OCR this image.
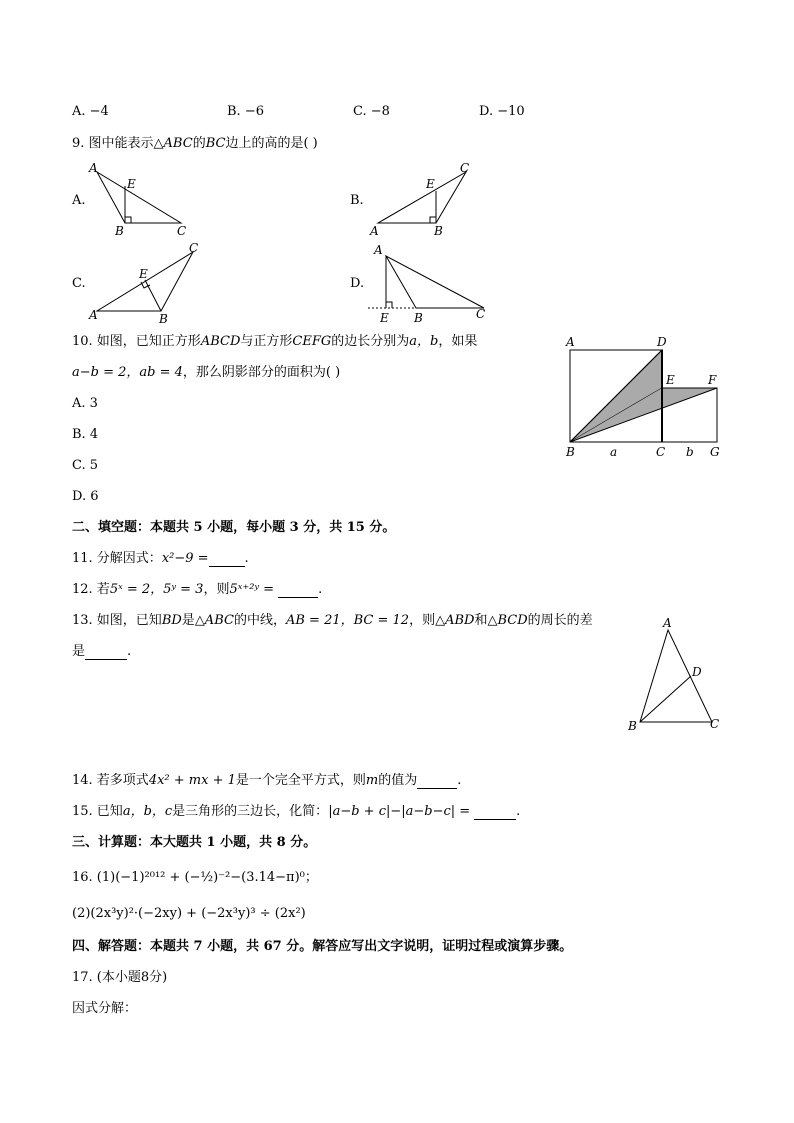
A. −4	B. −6	C. −8	D. −10
9. 图中能表示△ABC的BC边上的高的是( )
A.	B.
C.	D.
A
E
B	C	A
E
B
C
A
E
B
C	A
E B	C
10. 如图，已知正方形ABCD与正方形CEFG的边长分别为a，b，如果
a−b = 2，ab = 4，那么阴影部分的面积为( )
A. 3
B. 4
C. 5
D. 6
A	D
E	F
B	a	C b G
二、填空题：本题共 5 小题，每小题 3 分，共 15 分。
11. 分解因式：x²−9 =	.
12. 若5ˣ = 2，5ʸ = 3，则5ˣ⁺²ʸ =	.
13. 如图，已知BD是△ABC的中线，AB = 21，BC = 12，则△ABD和△BCD的周长的差
是	.
A
D
B	C
14. 若多项式4x² + mx + 1是一个完全平方式，则m的值为	.
15. 已知a，b，c是三角形的三边长，化简：|a−b + c|−|a−b−c| =	.
三、计算题：本大题共 1 小题，共 8 分。
16. (1)(−1)²⁰¹² + (−½)⁻²−(3.14−π)⁰；
(2)(2x³y)²·(−2xy) + (−2x³y)³ ÷ (2x²)
四、解答题：本题共 7 小题，共 67 分。解答应写出文字说明，证明过程或演算步骤。
17. (本小题8分)
因式分解：
